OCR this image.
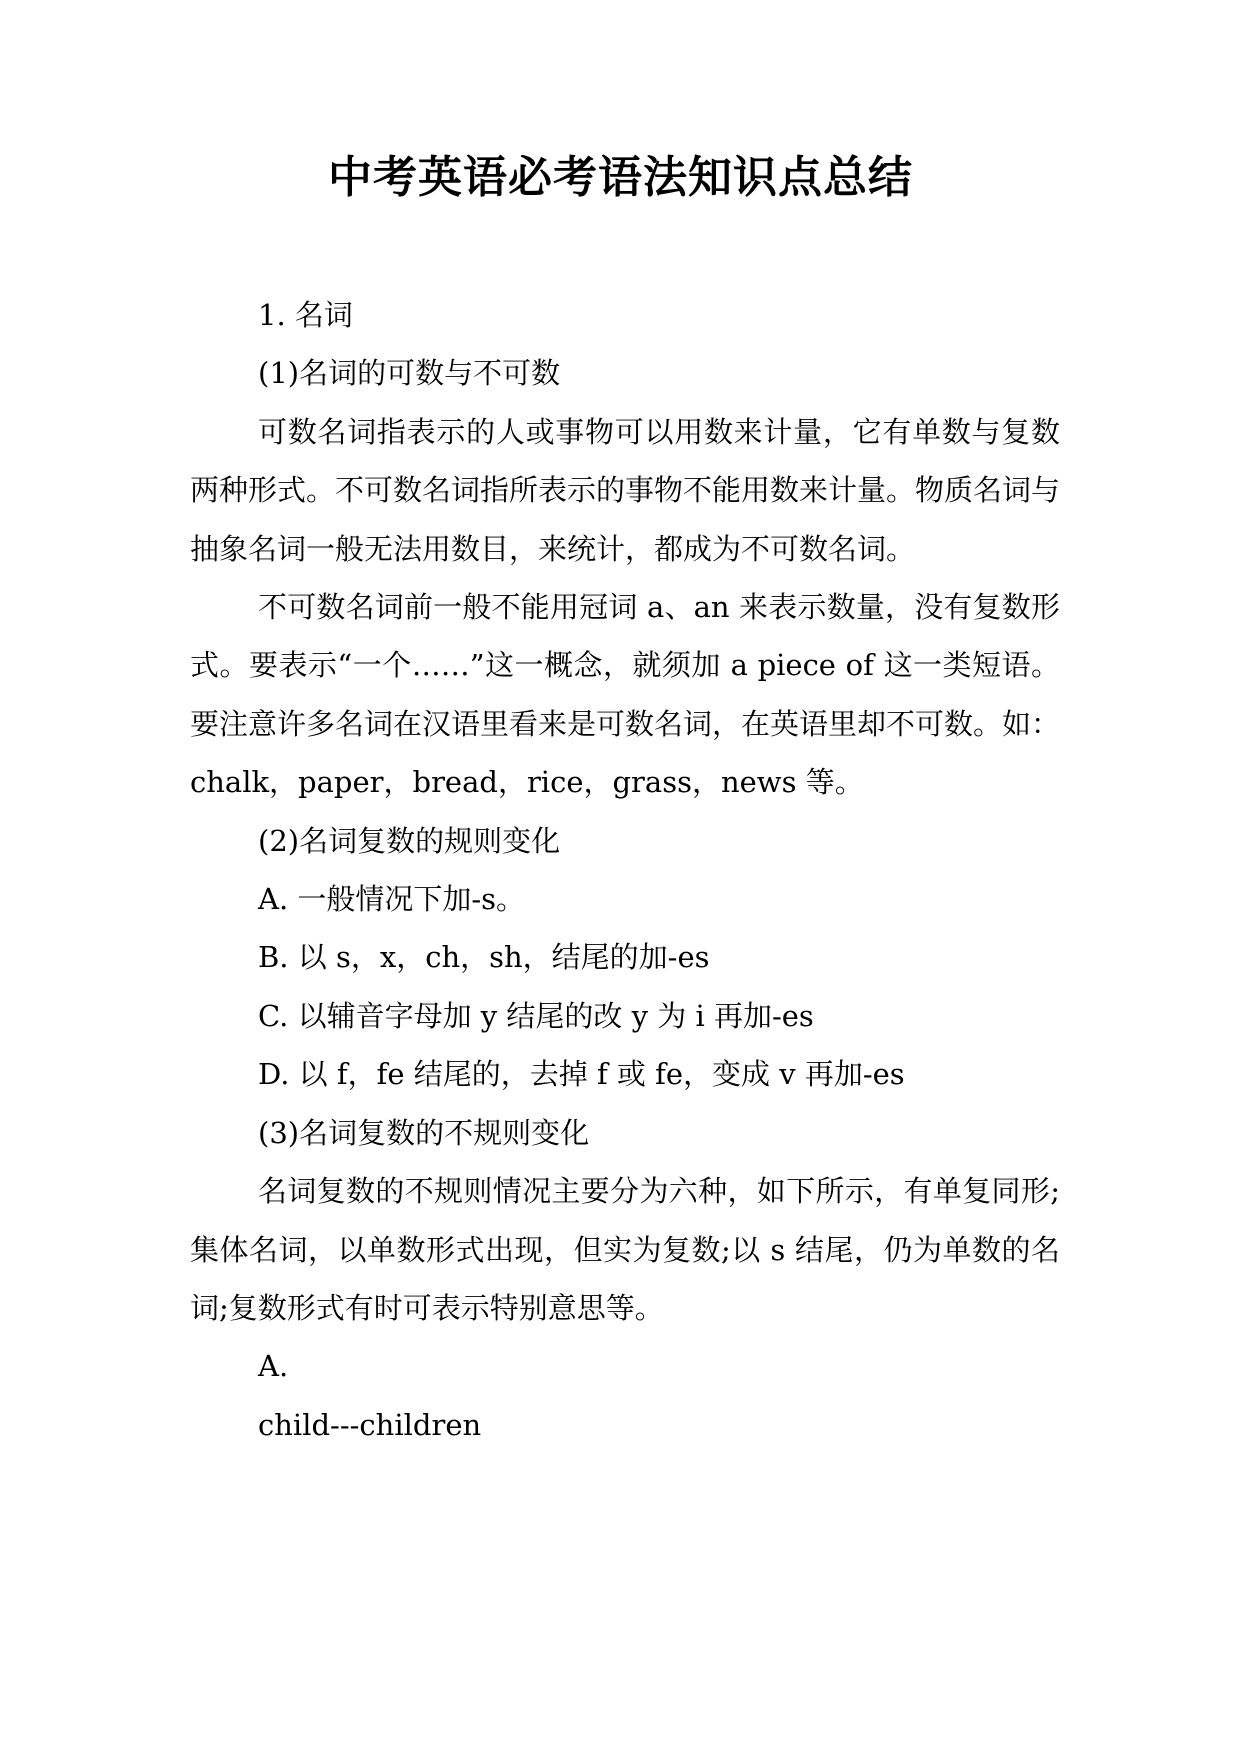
中考英语必考语法知识点总结

1. 名词

(1)名词的可数与不可数

可数名词指表示的人或事物可以用数来计量，它有单数与复数两种形式。不可数名词指所表示的事物不能用数来计量。物质名词与抽象名词一般无法用数目，来统计，都成为不可数名词。

不可数名词前一般不能用冠词 a、an 来表示数量，没有复数形式。要表示“一个……”这一概念，就须加 a piece of 这一类短语。要注意许多名词在汉语里看来是可数名词，在英语里却不可数。如：chalk，paper，bread，rice，grass，news 等。

(2)名词复数的规则变化

A. 一般情况下加-s。

B. 以 s，x，ch，sh，结尾的加-es

C. 以辅音字母加 y 结尾的改 y 为 i 再加-es

D. 以 f，fe 结尾的，去掉 f 或 fe，变成 v 再加-es

(3)名词复数的不规则变化

名词复数的不规则情况主要分为六种，如下所示，有单复同形;集体名词，以单数形式出现，但实为复数;以 s 结尾，仍为单数的名词;复数形式有时可表示特别意思等。

A.

child---children
